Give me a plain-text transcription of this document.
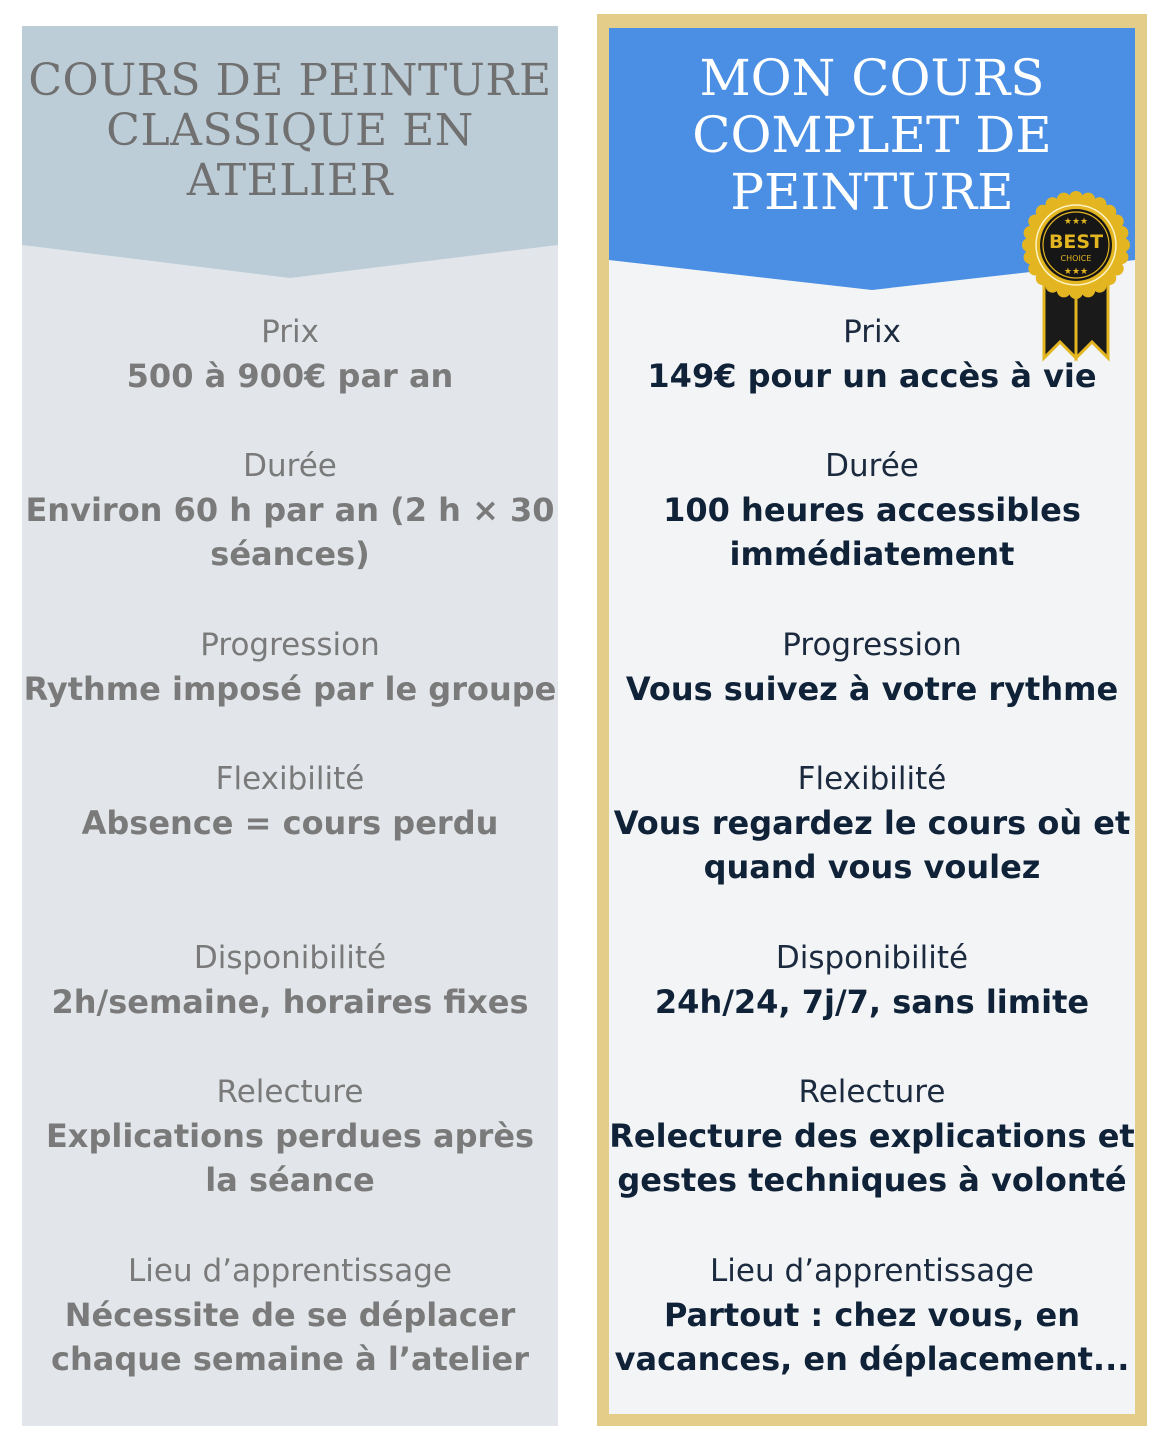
COURS DE PEINTURE
CLASSIQUE EN
ATELIER
Prix
500 à 900€ par an
Durée
Environ 60 h par an (2 h × 30
séances)
Progression
Rythme imposé par le groupe
Flexibilité
Absence = cours perdu
Disponibilité
2h/semaine, horaires fixes
Relecture
Explications perdues après
la séance
Lieu d’apprentissage
Nécessite de se déplacer
chaque semaine à l’atelier
MON COURS
COMPLET DE
PEINTURE
Prix
149€ pour un accès à vie
Durée
100 heures accessibles
immédiatement
Progression
Vous suivez à votre rythme
Flexibilité
Vous regardez le cours où et
quand vous voulez
Disponibilité
24h/24, 7j/7, sans limite
Relecture
Relecture des explications et
gestes techniques à volonté
Lieu d’apprentissage
Partout : chez vous, en
vacances, en déplacement...
★★★
BEST
CHOICE
★★★
